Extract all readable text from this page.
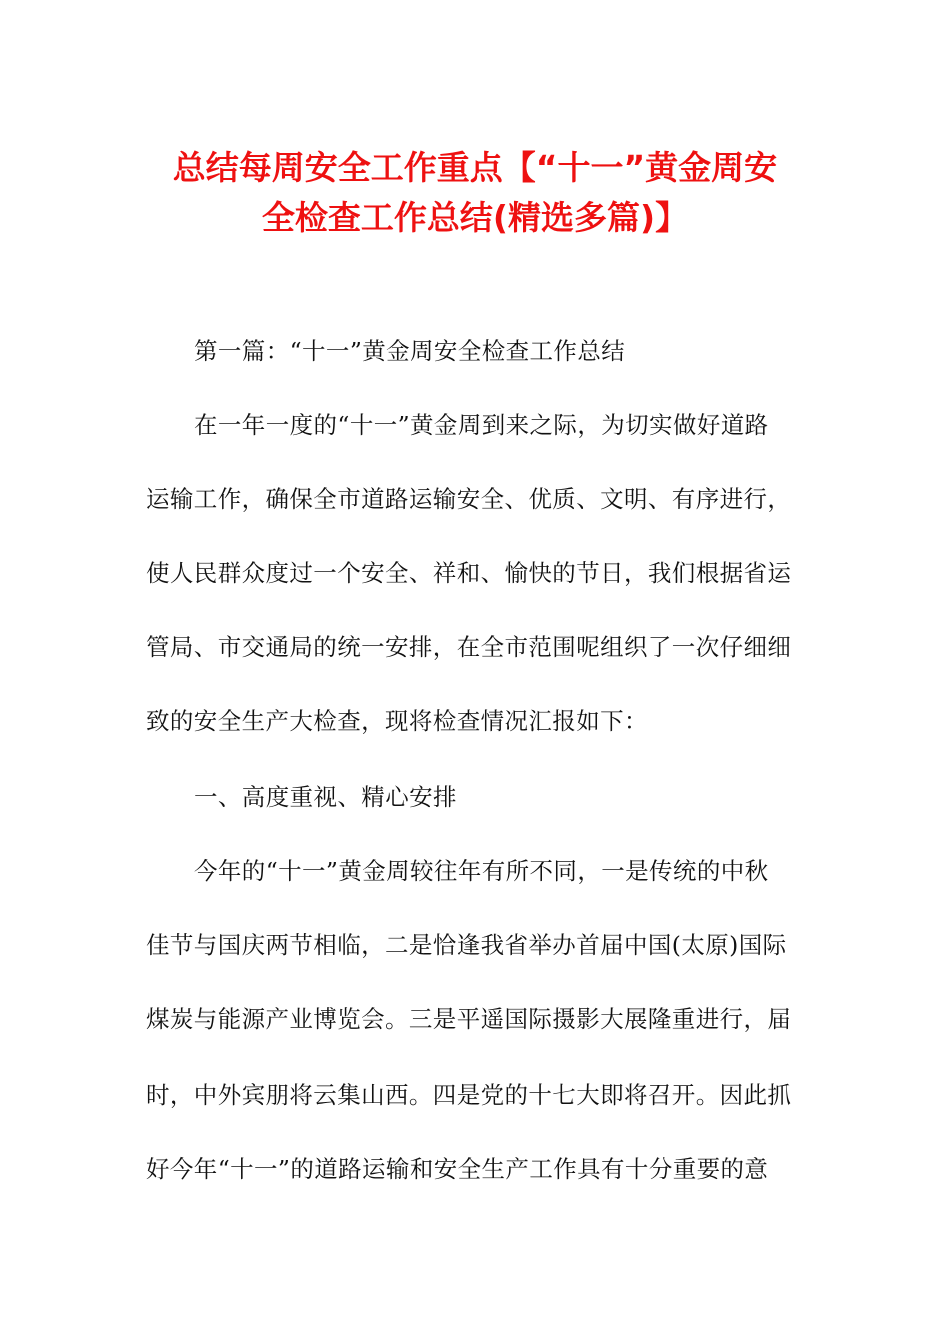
总结每周安全工作重点【“十一”黄金周安
全检查工作总结(精选多篇)】

第一篇：“十一”黄金周安全检查工作总结

在一年一度的“十一”黄金周到来之际，为切实做好道路

运输工作，确保全市道路运输安全、优质、文明、有序进行，

使人民群众度过一个安全、祥和、愉快的节日，我们根据省运

管局、市交通局的统一安排，在全市范围呢组织了一次仔细细

致的安全生产大检查，现将检查情况汇报如下：

一、高度重视、精心安排

今年的“十一”黄金周较往年有所不同，一是传统的中秋

佳节与国庆两节相临，二是恰逢我省举办首届中国(太原)国际

煤炭与能源产业博览会。三是平遥国际摄影大展隆重进行，届

时，中外宾朋将云集山西。四是党的十七大即将召开。因此抓

好今年“十一”的道路运输和安全生产工作具有十分重要的意
